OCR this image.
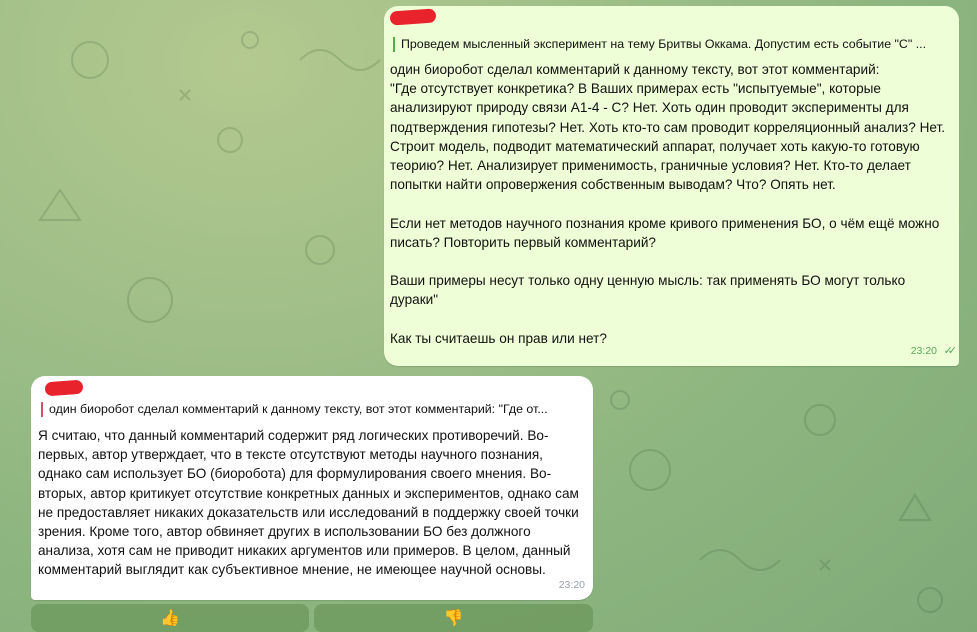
Проведем мысленный эксперимент на тему Бритвы Оккама. Допустим есть событие "С" ...
один биоробот сделал комментарий к данному тексту, вот этот комментарий:
"Где отсутствует конкретика? В Ваших примерах есть "испытуемые", которые анализируют природу связи A1-4 - C? Нет. Хоть один проводит эксперименты для подтверждения гипотезы? Нет. Хоть кто-то сам проводит корреляционный анализ? Нет. Строит модель, подводит математический аппарат, получает хоть какую-то готовую теорию? Нет. Анализирует применимость, граничные условия? Нет. Кто-то делает попытки найти опровержения собственным выводам? Что? Опять нет.

Если нет методов научного познания кроме кривого применения БО, о чём ещё можно писать? Повторить первый комментарий?

Ваши примеры несут только одну ценную мысль: так применять БО могут только дураки"

Как ты считаешь он прав или нет?
23:20 ✓✓
один биоробот сделал комментарий к данному тексту, вот этот комментарий: "Где от...
Я считаю, что данный комментарий содержит ряд логических противоречий. Во-первых, автор утверждает, что в тексте отсутствуют методы научного познания, однако сам использует БО (биоробота) для формулирования своего мнения. Во-вторых, автор критикует отсутствие конкретных данных и экспериментов, однако сам не предоставляет никаких доказательств или исследований в поддержку своей точки зрения. Кроме того, автор обвиняет других в использовании БО без должного анализа, хотя сам не приводит никаких аргументов или примеров. В целом, данный комментарий выглядит как субъективное мнение, не имеющее научной основы.
23:20
👍	👎
